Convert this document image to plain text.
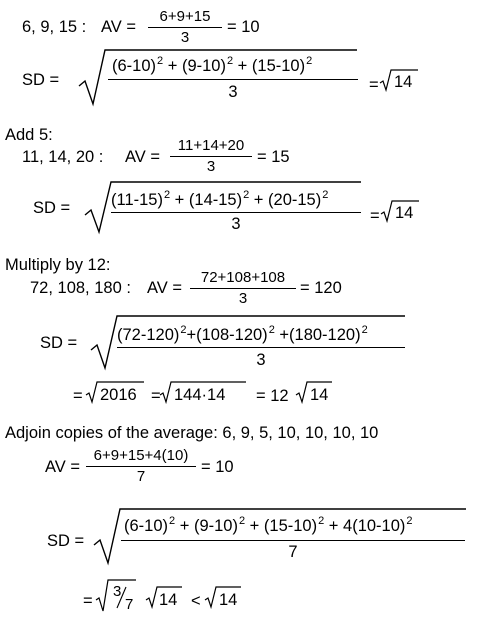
6, 9, 15 : AV =
6+9+15
3
= 10
SD =
$(6-10)^2 + (9-10)^2 + (15-10)^2$
3	= 14
Add 5:
11, 14, 20 : AV =
11+14+20
3
= 15
SD = $(11-15)^2 + (14-15)^2 + (20-15)^2$
3	= 14
Multiply by 12:
72, 108, 180 : AV =
72+108+108
3
= 120
SD = $(72-120)^2+(108-120)^2 +(180-120)^2$
3
= 2016 = 144·14 = 12 14
Adjoin copies of the average: 6, 9, 5, 10, 10, 10, 10
AV =
6+9+15+4(10)
7
= 10
SD =
$(6-10)^2 + (9-10)^2 + (15-10)^2 + 4(10-10)^2$
7
=
3
7 14 < 14
